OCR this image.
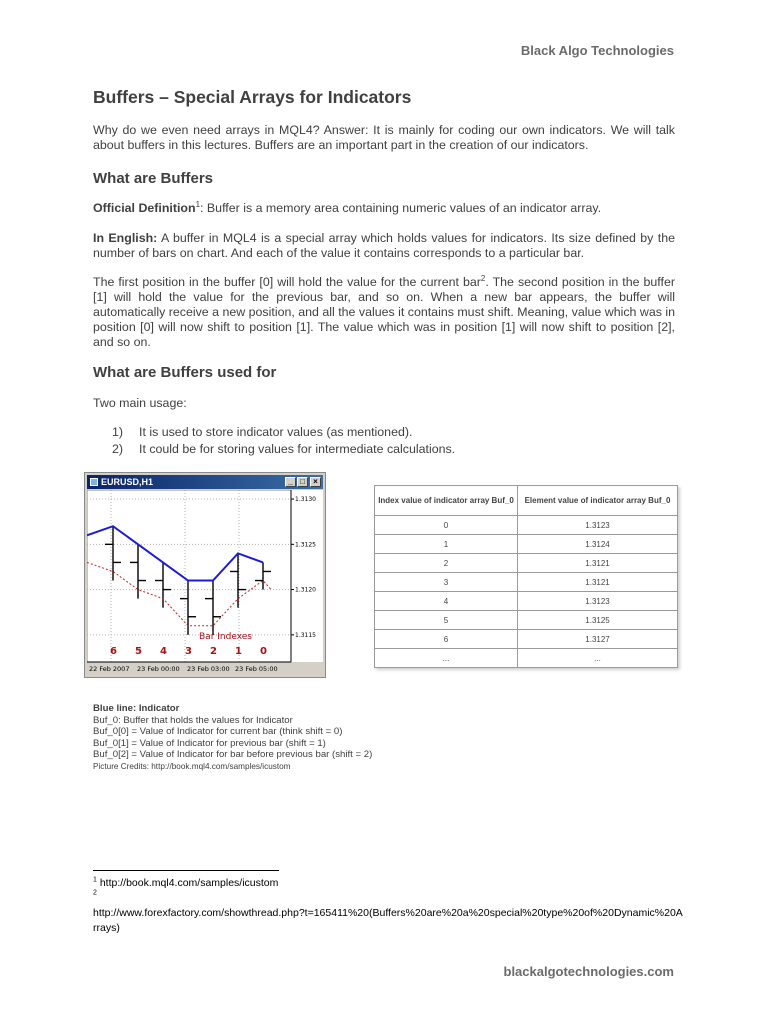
Black Algo Technologies
Buffers – Special Arrays for Indicators

Why do we even need arrays in MQL4? Answer: It is mainly for coding our own indicators. We will talk about buffers in this lectures. Buffers are an important part in the creation of our indicators.

What are Buffers

Official Definition$^1$: Buffer is a memory area containing numeric values of an indicator array.

In English: A buffer in MQL4 is a special array which holds values for indicators. Its size defined by the number of bars on chart. And each of the value it contains corresponds to a particular bar.

The first position in the buffer [0] will hold the value for the current bar$^2$. The second position in the buffer [1] will hold the value for the previous bar, and so on. When a new bar appears, the buffer will automatically receive a new position, and all the values it contains must shift. Meaning, value which was in position [0] will now shift to position [1]. The value which was in position [1] will now shift to position [2], and so on.

What are Buffers used for

Two main usage:

1) It is used to store indicator values (as mentioned).
2) It could be for storing values for intermediate calculations.
EURUSD,H1	_ □	×
1.3130
1.3125
1.3120
1.3115
Bar Indexes
6 5 4 3 2 1 0
22 Feb 2007 23 Feb 00:00 23 Feb 03:00 23 Feb 05:00
Index value of indicator array Buf_0	Element value of indicator array Buf_0
0	1.3123
1	1.3124
2	1.3121
3	1.3121
4	1.3123
5	1.3125
6	1.3127
...	...
Blue line: Indicator
Buf_0: Buffer that holds the values for Indicator
Buf_0[0] = Value of Indicator for current bar (think shift = 0)
Buf_0[1] = Value of Indicator for previous bar (shift = 1)
Buf_0[2] = Value of Indicator for bar before previous bar (shift = 2)
Picture Credits: http://book.mql4.com/samples/icustom
$^1$ http://book.mql4.com/samples/icustom
$^2$
http://www.forexfactory.com/showthread.php?t=165411%20(Buffers%20are%20a%20special%20type%20of%20Dynamic%20Arrays)
blackalgotechnologies.com
